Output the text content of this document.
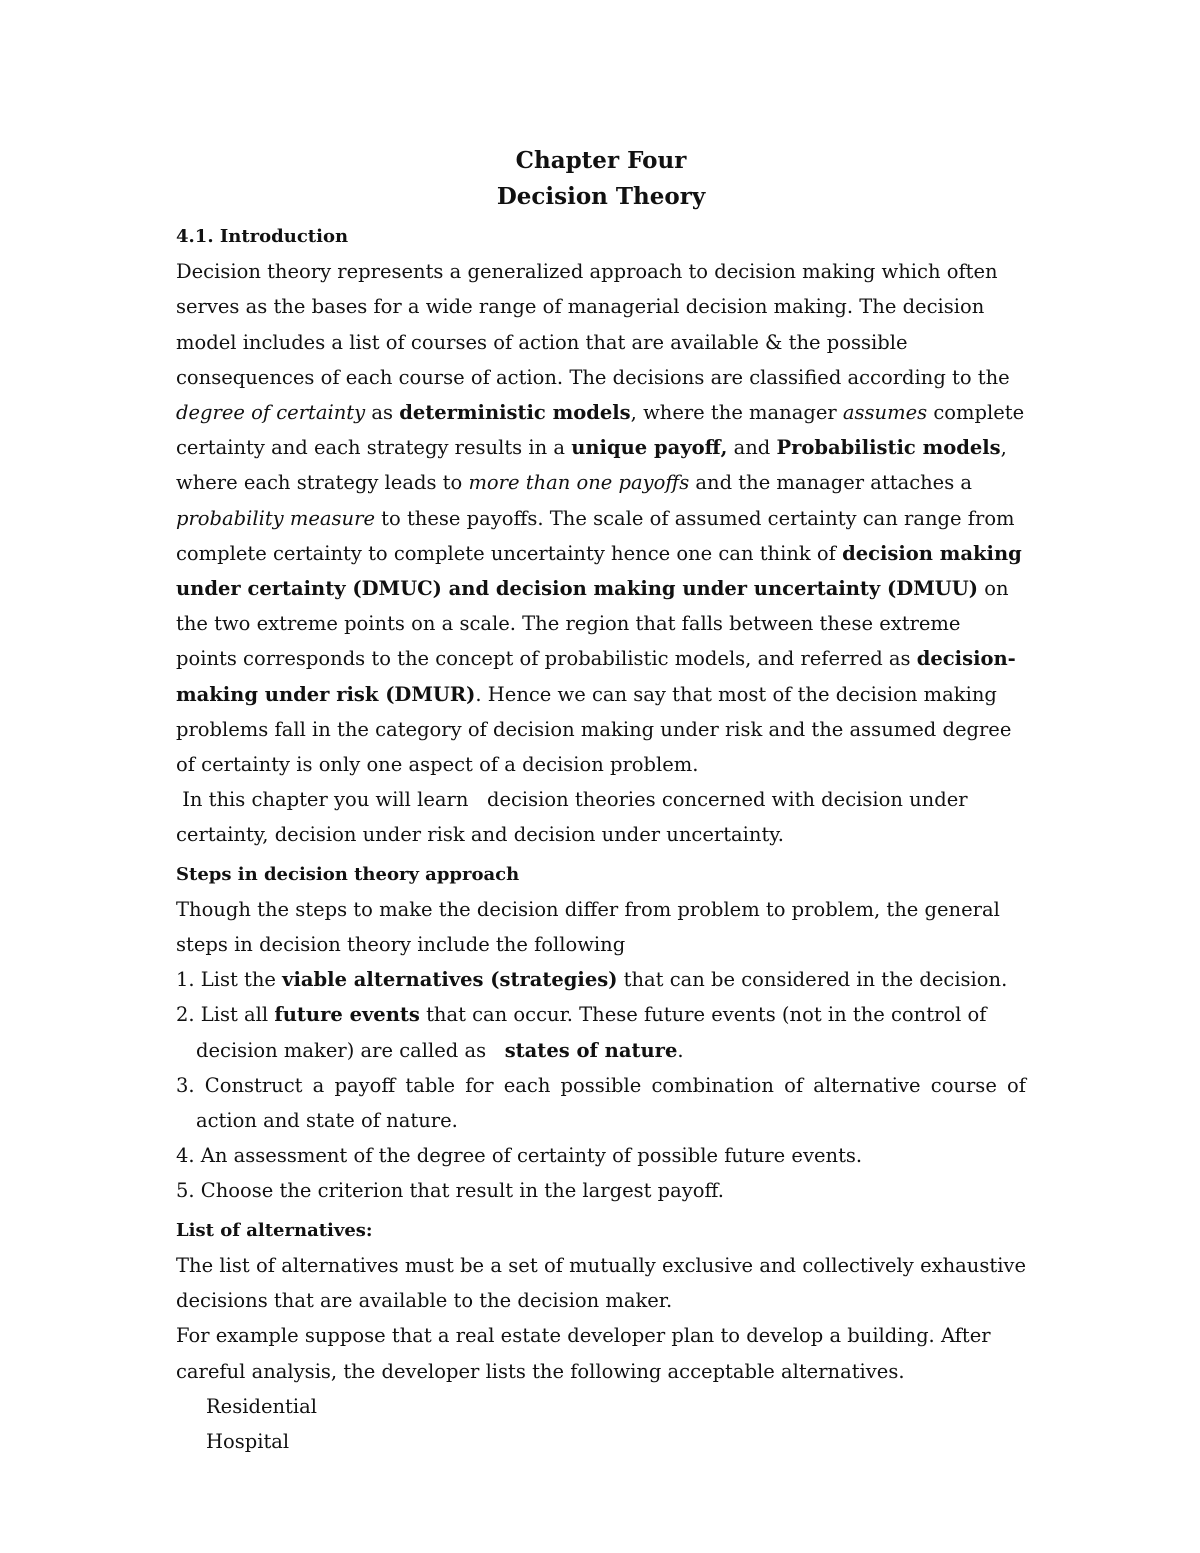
Chapter Four
Decision Theory
4.1. Introduction

Decision theory represents a generalized approach to decision making which often serves as the bases for a wide range of managerial decision making. The decision model includes a list of courses of action that are available & the possible consequences of each course of action. The decisions are classified according to the degree of certainty as deterministic models, where the manager assumes complete certainty and each strategy results in a unique payoff, and Probabilistic models, where each strategy leads to more than one payoffs and the manager attaches a probability measure to these payoffs. The scale of assumed certainty can range from complete certainty to complete uncertainty hence one can think of decision making under certainty (DMUC) and decision making under uncertainty (DMUU) on the two extreme points on a scale. The region that falls between these extreme points corresponds to the concept of probabilistic models, and referred as decision-making under risk (DMUR). Hence we can say that most of the decision making problems fall in the category of decision making under risk and the assumed degree of certainty is only one aspect of a decision problem.

In this chapter you will learn   decision theories concerned with decision under certainty, decision under risk and decision under uncertainty.

Steps in decision theory approach

Though the steps to make the decision differ from problem to problem, the general steps in decision theory include the following

1. List the viable alternatives (strategies) that can be considered in the decision.

2. List all future events that can occur. These future events (not in the control of decision maker) are called as   states of nature.

3. Construct a payoff table for each possible combination of alternative course of action and state of nature.

4. An assessment of the degree of certainty of possible future events.

5. Choose the criterion that result in the largest payoff.

List of alternatives:

The list of alternatives must be a set of mutually exclusive and collectively exhaustive decisions that are available to the decision maker.

For example suppose that a real estate developer plan to develop a building. After careful analysis, the developer lists the following acceptable alternatives.

Residential

Hospital
